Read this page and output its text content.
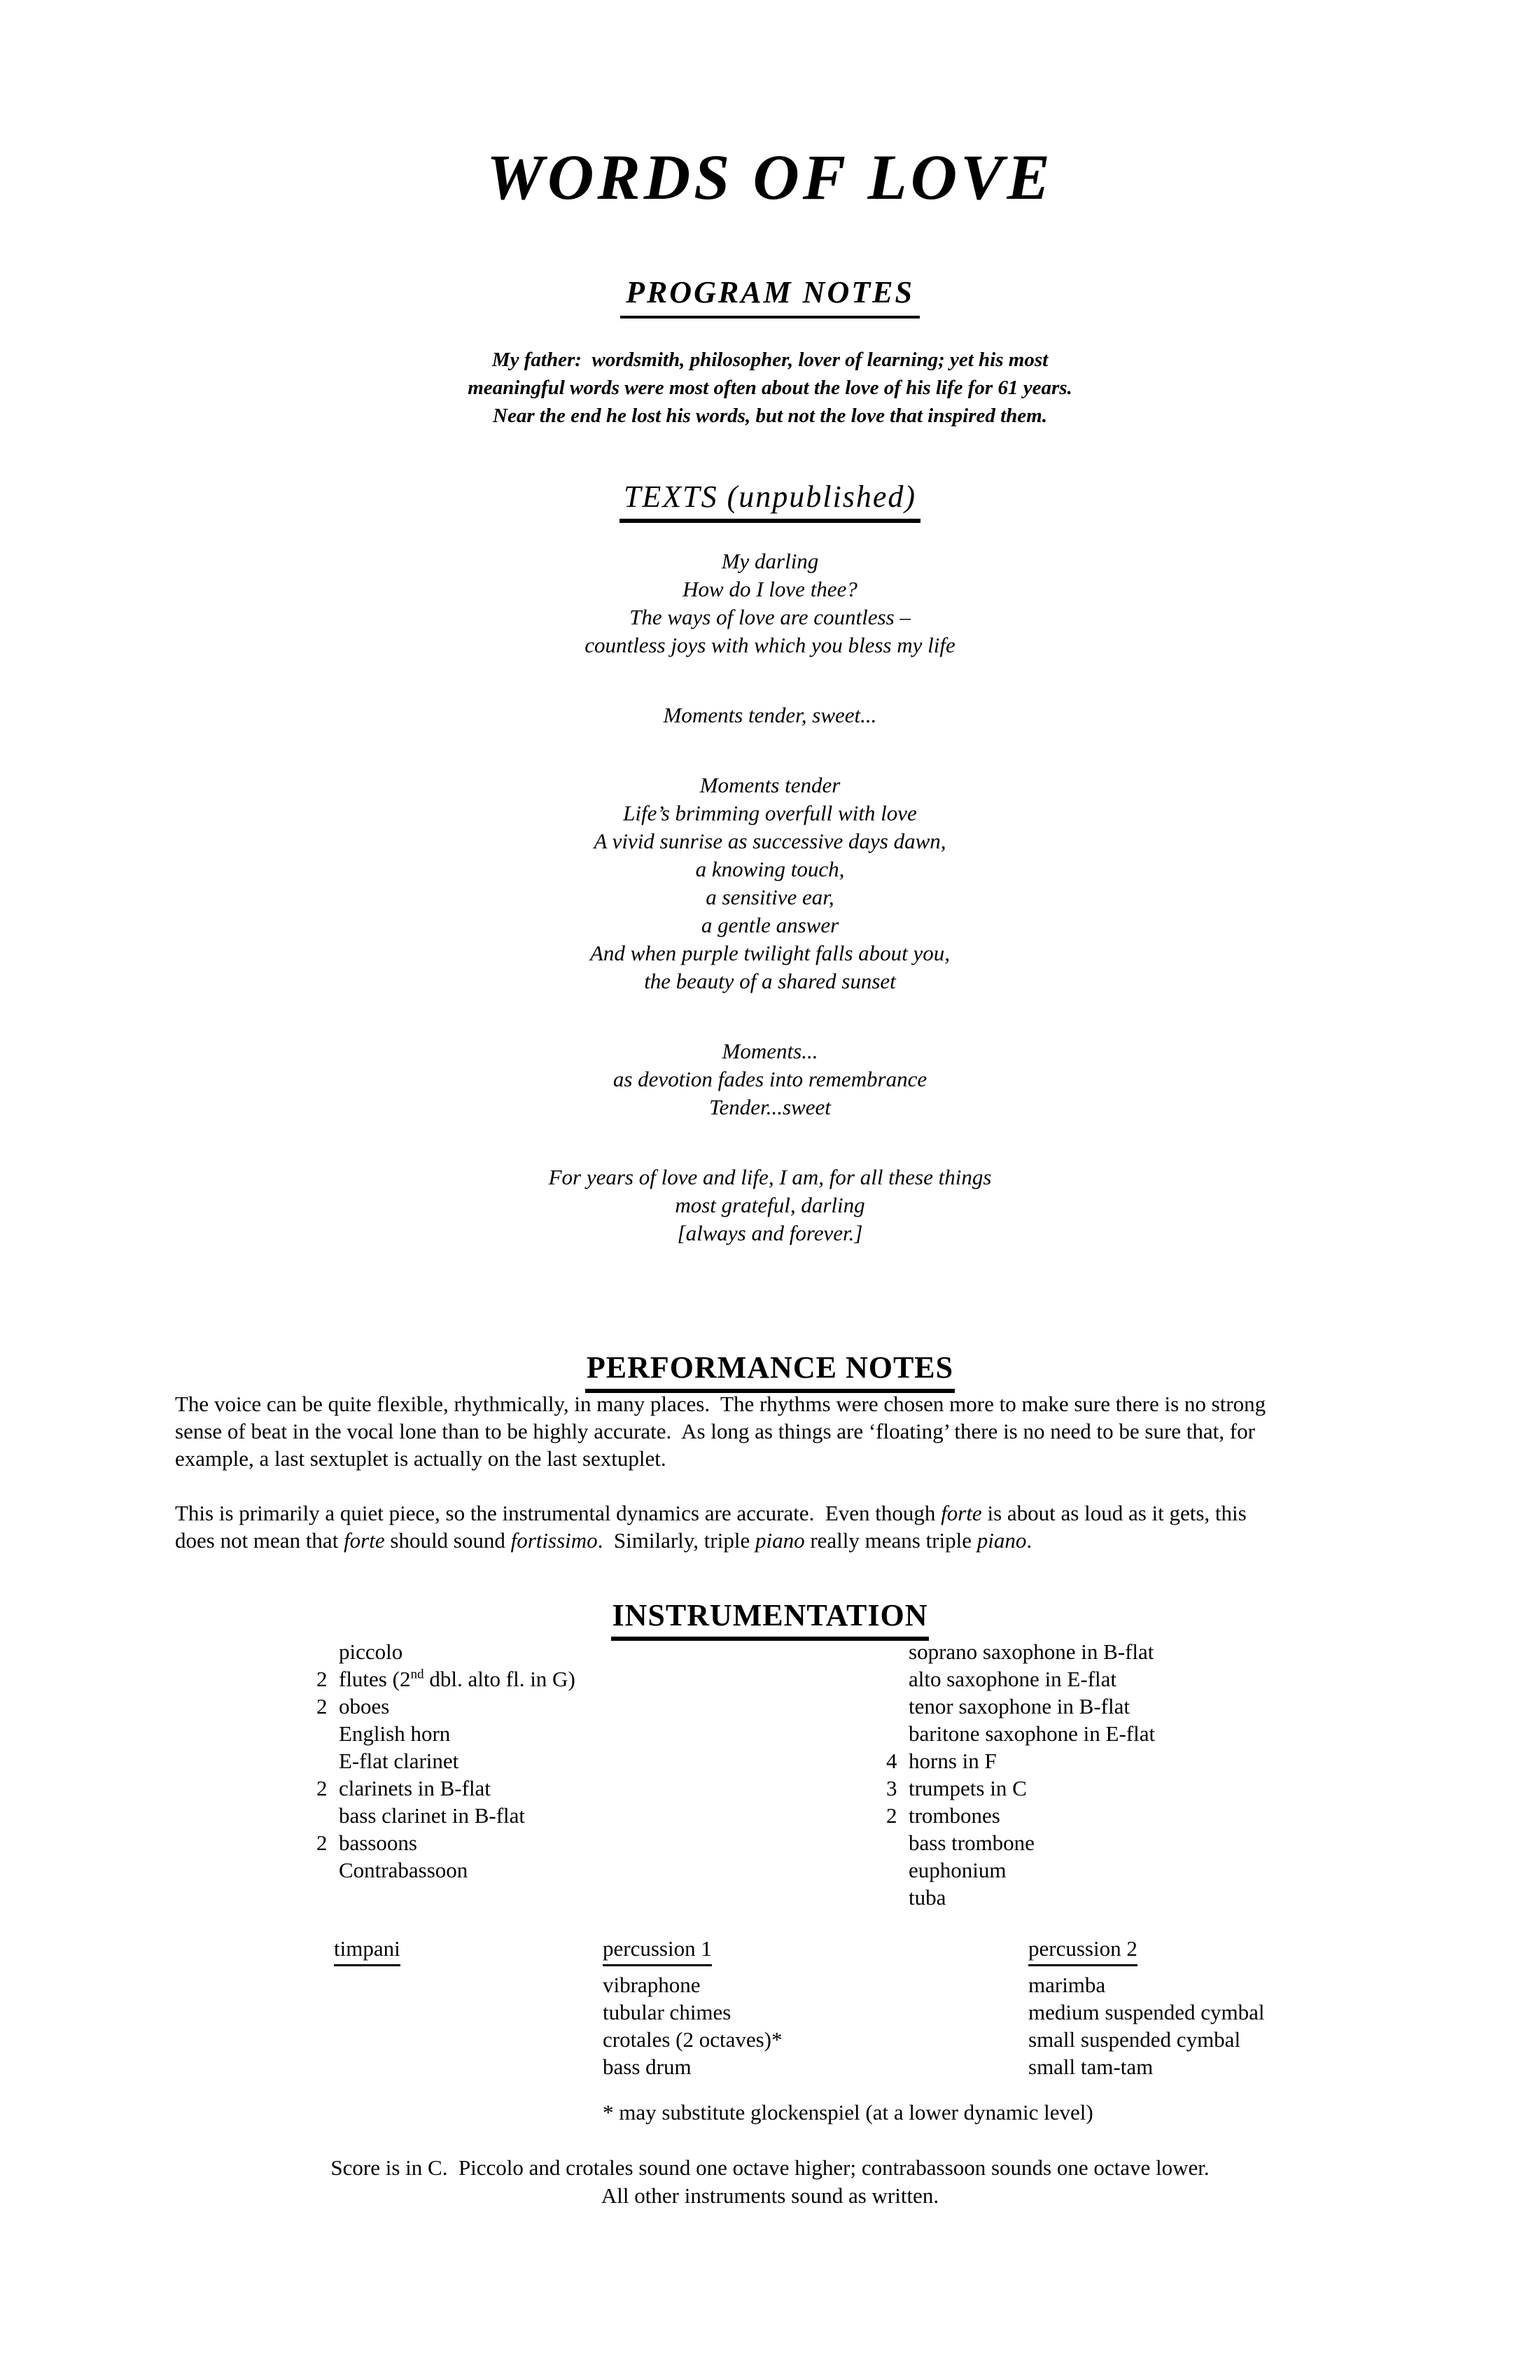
WORDS OF LOVE
PROGRAM NOTES
My father:  wordsmith, philosopher, lover of learning; yet his most
meaningful words were most often about the love of his life for 61 years.
Near the end he lost his words, but not the love that inspired them.
TEXTS (unpublished)
My darling
How do I love thee?
The ways of love are countless –
countless joys with which you bless my life
Moments tender, sweet...
Moments tender
Life’s brimming overfull with love
A vivid sunrise as successive days dawn,
a knowing touch,
a sensitive ear,
a gentle answer
And when purple twilight falls about you,
the beauty of a shared sunset
Moments...
as devotion fades into remembrance
Tender...sweet
For years of love and life, I am, for all these things
most grateful, darling
[always and forever.]
PERFORMANCE NOTES
The voice can be quite flexible, rhythmically, in many places.  The rhythms were chosen more to make sure there is no strong
sense of beat in the vocal lone than to be highly accurate.  As long as things are ‘floating’ there is no need to be sure that, for
example, a last sextuplet is actually on the last sextuplet.
This is primarily a quiet piece, so the instrumental dynamics are accurate.  Even though forte is about as loud as it gets, this
does not mean that forte should sound fortissimo.  Similarly, triple piano really means triple piano.
INSTRUMENTATION
piccolo
2 flutes (2nd dbl. alto fl. in G)
2 oboes
English horn
E-flat clarinet
2 clarinets in B-flat
bass clarinet in B-flat
2 bassoons
Contrabassoon
soprano saxophone in B-flat
alto saxophone in E-flat
tenor saxophone in B-flat
baritone saxophone in E-flat
4 horns in F
3 trumpets in C
2 trombones
bass trombone
euphonium
tuba
timpani	percussion 1
vibraphone
tubular chimes
crotales (2 octaves)*
bass drum
percussion 2
marimba
medium suspended cymbal
small suspended cymbal
small tam-tam
* may substitute glockenspiel (at a lower dynamic level)
Score is in C.  Piccolo and crotales sound one octave higher; contrabassoon sounds one octave lower.
All other instruments sound as written.
